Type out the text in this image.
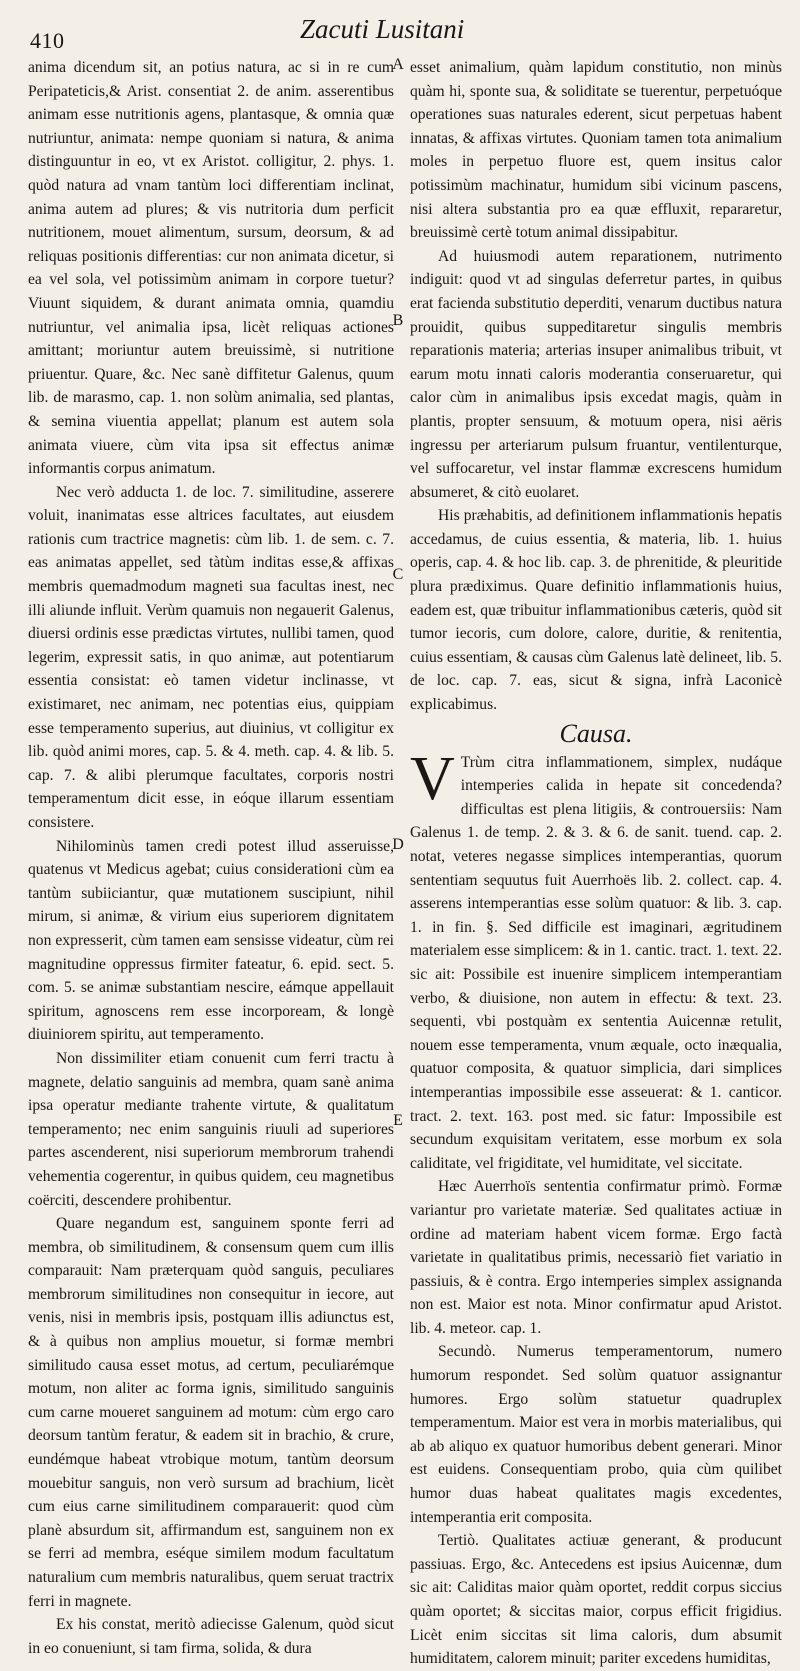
410	Zacuti Lusitani
A
B
C
D
E

anima dicendum sit, an potius natura, ac si in re cum Peripateticis,& Arist. consentiat 2. de anim. asserentibus animam esse nutritionis agens, plantasque, & omnia quæ nutriuntur, animata: nempe quoniam si natura, & anima distinguuntur in eo, vt ex Aristot. colligitur, 2. phys. 1. quòd natura ad vnam tantùm loci differentiam inclinat, anima autem ad plures; & vis nutritoria dum perficit nutritionem, mouet alimentum, sursum, deorsum, & ad reliquas positionis differentias: cur non animata dicetur, si ea vel sola, vel potissimùm animam in corpore tuetur? Viuunt siquidem, & durant animata omnia, quamdiu nutriuntur, vel animalia ipsa, licèt reliquas actiones amittant; moriuntur autem breuissimè, si nutritione priuentur. Quare, &c. Nec sanè diffitetur Galenus, quum lib. de marasmo, cap. 1. non solùm animalia, sed plantas, & semina viuentia appellat; planum est autem sola animata viuere, cùm vita ipsa sit effectus animæ informantis corpus animatum.

Nec verò adducta 1. de loc. 7. similitudine, asserere voluit, inanimatas esse altrices facultates, aut eiusdem rationis cum tractrice magnetis: cùm lib. 1. de sem. c. 7. eas animatas appellet, sed tàtùm inditas esse,& affixas membris quemadmodum magneti sua facultas inest, nec illi aliunde influit. Verùm quamuis non negauerit Galenus, diuersi ordinis esse prædictas virtutes, nullibi tamen, quod legerim, expressit satis, in quo animæ, aut potentiarum essentia consistat: eò tamen videtur inclinasse, vt existimaret, nec animam, nec potentias eius, quippiam esse temperamento superius, aut diuinius, vt colligitur ex lib. quòd animi mores, cap. 5. & 4. meth. cap. 4. & lib. 5. cap. 7. & alibi plerumque facultates, corporis nostri temperamentum dicit esse, in eóque illarum essentiam consistere.

Nihilominùs tamen credi potest illud asseruisse, quatenus vt Medicus agebat; cuius considerationi cùm ea tantùm subiiciantur, quæ mutationem suscipiunt, nihil mirum, si animæ, & virium eius superiorem dignitatem non expresserit, cùm tamen eam sensisse videatur, cùm rei magnitudine oppressus firmiter fateatur, 6. epid. sect. 5. com. 5. se animæ substantiam nescire, eámque appellauit spiritum, agnoscens rem esse incorpoream, & longè diuiniorem spiritu, aut temperamento.

Non dissimiliter etiam conuenit cum ferri tractu à magnete, delatio sanguinis ad membra, quam sanè anima ipsa operatur mediante trahente virtute, & qualitatum temperamento; nec enim sanguinis riuuli ad superiores partes ascenderent, nisi superiorum membrorum trahendi vehementia cogerentur, in quibus quidem, ceu magnetibus coërciti, descendere prohibentur.

Quare negandum est, sanguinem sponte ferri ad membra, ob similitudinem, & consensum quem cum illis comparauit: Nam præterquam quòd sanguis, peculiares membrorum similitudines non consequitur in iecore, aut venis, nisi in membris ipsis, postquam illis adiunctus est, & à quibus non amplius mouetur, si formæ membri similitudo causa esset motus, ad certum, peculiarémque motum, non aliter ac forma ignis, similitudo sanguinis cum carne moueret sanguinem ad motum: cùm ergo caro deorsum tantùm feratur, & eadem sit in brachio, & crure, eundémque habeat vtrobique motum, tantùm deorsum mouebitur sanguis, non verò sursum ad brachium, licèt cum eius carne similitudinem comparauerit: quod cùm planè absurdum sit, affirmandum est, sanguinem non ex se ferri ad membra, eséque similem modum facultatum naturalium cum membris naturalibus, quem seruat tractrix ferri in magnete.

Ex his constat, meritò adiecisse Galenum, quòd sicut in eo conueniunt, si tam firma, solida, & dura

esset animalium, quàm lapidum constitutio, non minùs quàm hi, sponte sua, & soliditate se tuerentur, perpetuóque operationes suas naturales ederent, sicut perpetuas habent innatas, & affixas virtutes. Quoniam tamen tota animalium moles in perpetuo fluore est, quem insitus calor potissimùm machinatur, humidum sibi vicinum pascens, nisi altera substantia pro ea quæ effluxit, repararetur, breuissimè certè totum animal dissipabitur.

Ad huiusmodi autem reparationem, nutrimento indiguit: quod vt ad singulas deferretur partes, in quibus erat facienda substitutio deperditi, venarum ductibus natura prouidit, quibus suppeditaretur singulis membris reparationis materia; arterias insuper animalibus tribuit, vt earum motu innati caloris moderantia conseruaretur, qui calor cùm in animalibus ipsis excedat magis, quàm in plantis, propter sensuum, & motuum opera, nisi aëris ingressu per arteriarum pulsum fruantur, ventilenturque, vel suffocaretur, vel instar flammæ excrescens humidum absumeret, & citò euolaret.

His præhabitis, ad definitionem inflammationis hepatis accedamus, de cuius essentia, & materia, lib. 1. huius operis, cap. 4. & hoc lib. cap. 3. de phrenitide, & pleuritide plura prædiximus. Quare definitio inflammationis huius, eadem est, quæ tribuitur inflammationibus cæteris, quòd sit tumor iecoris, cum dolore, calore, duritie, & renitentia, cuius essentiam, & causas cùm Galenus latè delineet, lib. 5. de loc. cap. 7. eas, sicut & signa, infrà Laconicè explicabimus.

Causa.

V Trùm citra inflammationem, simplex, nudáque intemperies calida in hepate sit concedenda? difficultas est plena litigiis, & controuersiis: Nam Galenus 1. de temp. 2. & 3. & 6. de sanit. tuend. cap. 2. notat, veteres negasse simplices intemperantias, quorum sententiam sequutus fuit Auerrhoës lib. 2. collect. cap. 4. asserens intemperantias esse solùm quatuor: & lib. 3. cap. 1. in fin. §. Sed difficile est imaginari, ægritudinem materialem esse simplicem: & in 1. cantic. tract. 1. text. 22. sic ait: Possibile est inuenire simplicem intemperantiam verbo, & diuisione, non autem in effectu: & text. 23. sequenti, vbi postquàm ex sententia Auicennæ retulit, nouem esse temperamenta, vnum æquale, octo inæqualia, quatuor composita, & quatuor simplicia, dari simplices intemperantias impossibile esse asseuerat: & 1. canticor. tract. 2. text. 163. post med. sic fatur: Impossibile est secundum exquisitam veritatem, esse morbum ex sola caliditate, vel frigiditate, vel humiditate, vel siccitate.

Hæc Auerrhoïs sententia confirmatur primò. Formæ variantur pro varietate materiæ. Sed qualitates actiuæ in ordine ad materiam habent vicem formæ. Ergo factà varietate in qualitatibus primis, necessariò fiet variatio in passiuis, & è contra. Ergo intemperies simplex assignanda non est. Maior est nota. Minor confirmatur apud Aristot. lib. 4. meteor. cap. 1.

Secundò. Numerus temperamentorum, numero humorum respondet. Sed solùm quatuor assignantur humores. Ergo solùm statuetur quadruplex temperamentum. Maior est vera in morbis materialibus, qui ab ab aliquo ex quatuor humoribus debent generari. Minor est euidens. Consequentiam probo, quia cùm quilibet humor duas habeat qualitates magis excedentes, intemperantia erit composita.

Tertiò. Qualitates actiuæ generant, & producunt passiuas. Ergo, &c. Antecedens est ipsius Auicennæ, dum sic ait: Caliditas maior quàm oportet, reddit corpus siccius quàm oportet; & siccitas maior, corpus efficit frigidius. Licèt enim siccitas sit lima caloris, dum absumit humiditatem, calorem minuit; pariter excedens humiditas,
